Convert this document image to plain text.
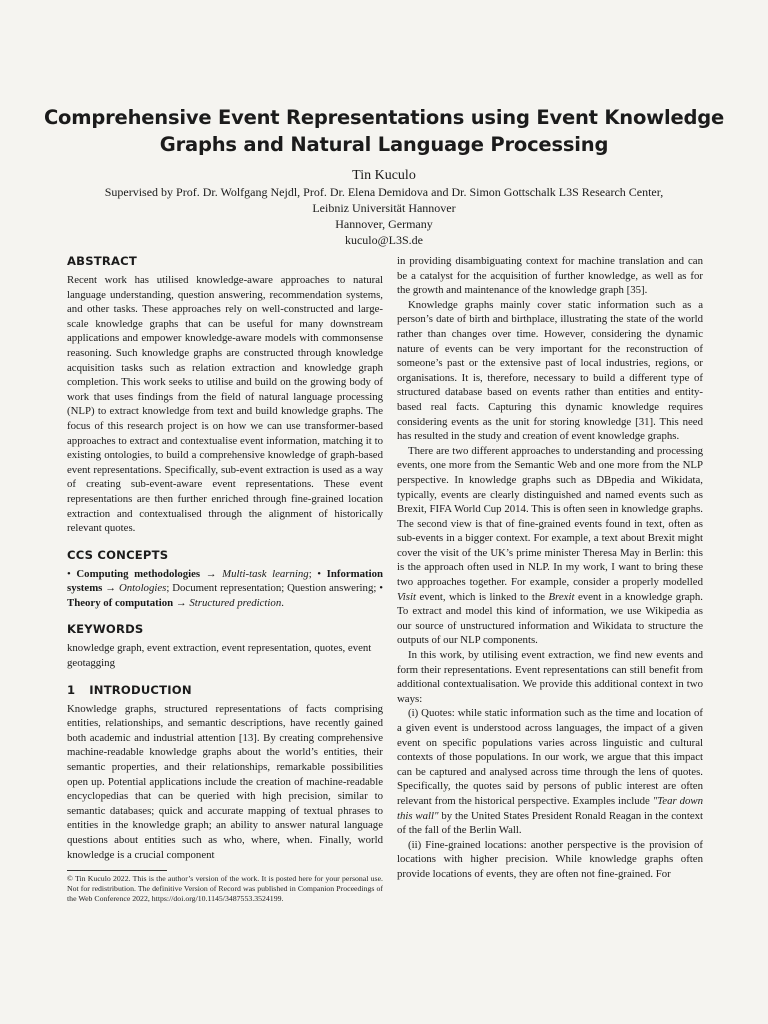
Comprehensive Event Representations using Event Knowledge
Graphs and Natural Language Processing
Tin Kuculo
Supervised by Prof. Dr. Wolfgang Nejdl, Prof. Dr. Elena Demidova and Dr. Simon Gottschalk L3S Research Center,
Leibniz Universität Hannover
Hannover, Germany
kuculo@L3S.de
ABSTRACT

Recent work has utilised knowledge-aware approaches to natural language understanding, question answering, recommendation systems, and other tasks. These approaches rely on well-constructed and large-scale knowledge graphs that can be useful for many downstream applications and empower knowledge-aware models with commonsense reasoning. Such knowledge graphs are constructed through knowledge acquisition tasks such as relation extraction and knowledge graph completion. This work seeks to utilise and build on the growing body of work that uses findings from the field of natural language processing (NLP) to extract knowledge from text and build knowledge graphs. The focus of this research project is on how we can use transformer-based approaches to extract and contextualise event information, matching it to existing ontologies, to build a comprehensive knowledge of graph-based event representations. Specifically, sub-event extraction is used as a way of creating sub-event-aware event representations. These event representations are then further enriched through fine-grained location extraction and contextualised through the alignment of historically relevant quotes.

CCS CONCEPTS

• Computing methodologies → Multi-task learning; • Information systems → Ontologies; Document representation; Question answering; • Theory of computation → Structured prediction.

KEYWORDS

knowledge graph, event extraction, event representation, quotes, event geotagging

1 INTRODUCTION

Knowledge graphs, structured representations of facts comprising entities, relationships, and semantic descriptions, have recently gained both academic and industrial attention [13]. By creating comprehensive machine-readable knowledge graphs about the world’s entities, their semantic properties, and their relationships, remarkable possibilities open up. Potential applications include the creation of machine-readable encyclopedias that can be queried with high precision, similar to semantic databases; quick and accurate mapping of textual phrases to entities in the knowledge graph; an ability to answer natural language questions about entities such as who, where, when. Finally, world knowledge is a crucial component

© Tin Kuculo 2022. This is the author’s version of the work. It is posted here for your personal use. Not for redistribution. The definitive Version of Record was published in Companion Proceedings of the Web Conference 2022, https://doi.org/10.1145/3487553.3524199.

in providing disambiguating context for machine translation and can be a catalyst for the acquisition of further knowledge, as well as for the growth and maintenance of the knowledge graph [35].

Knowledge graphs mainly cover static information such as a person’s date of birth and birthplace, illustrating the state of the world rather than changes over time. However, considering the dynamic nature of events can be very important for the reconstruction of someone’s past or the extensive past of local industries, regions, or organisations. It is, therefore, necessary to build a different type of structured database based on events rather than entities and entity-based real facts. Capturing this dynamic knowledge requires considering events as the unit for storing knowledge [31]. This need has resulted in the study and creation of event knowledge graphs.

There are two different approaches to understanding and processing events, one more from the Semantic Web and one more from the NLP perspective. In knowledge graphs such as DBpedia and Wikidata, typically, events are clearly distinguished and named events such as Brexit, FIFA World Cup 2014. This is often seen in knowledge graphs. The second view is that of fine-grained events found in text, often as sub-events in a bigger context. For example, a text about Brexit might cover the visit of the UK’s prime minister Theresa May in Berlin: this is the approach often used in NLP. In my work, I want to bring these two approaches together. For example, consider a properly modelled Visit event, which is linked to the Brexit event in a knowledge graph. To extract and model this kind of information, we use Wikipedia as our source of unstructured information and Wikidata to structure the outputs of our NLP components.

In this work, by utilising event extraction, we find new events and form their representations. Event representations can still benefit from additional contextualisation. We provide this additional context in two ways:

(i) Quotes: while static information such as the time and location of a given event is understood across languages, the impact of a given event on specific populations varies across linguistic and cultural contexts of those populations. In our work, we argue that this impact can be captured and analysed across time through the lens of quotes. Specifically, the quotes said by persons of public interest are often relevant from the historical perspective. Examples include "Tear down this wall" by the United States President Ronald Reagan in the context of the fall of the Berlin Wall.

(ii) Fine-grained locations: another perspective is the provision of locations with higher precision. While knowledge graphs often provide locations of events, they are often not fine-grained. For
